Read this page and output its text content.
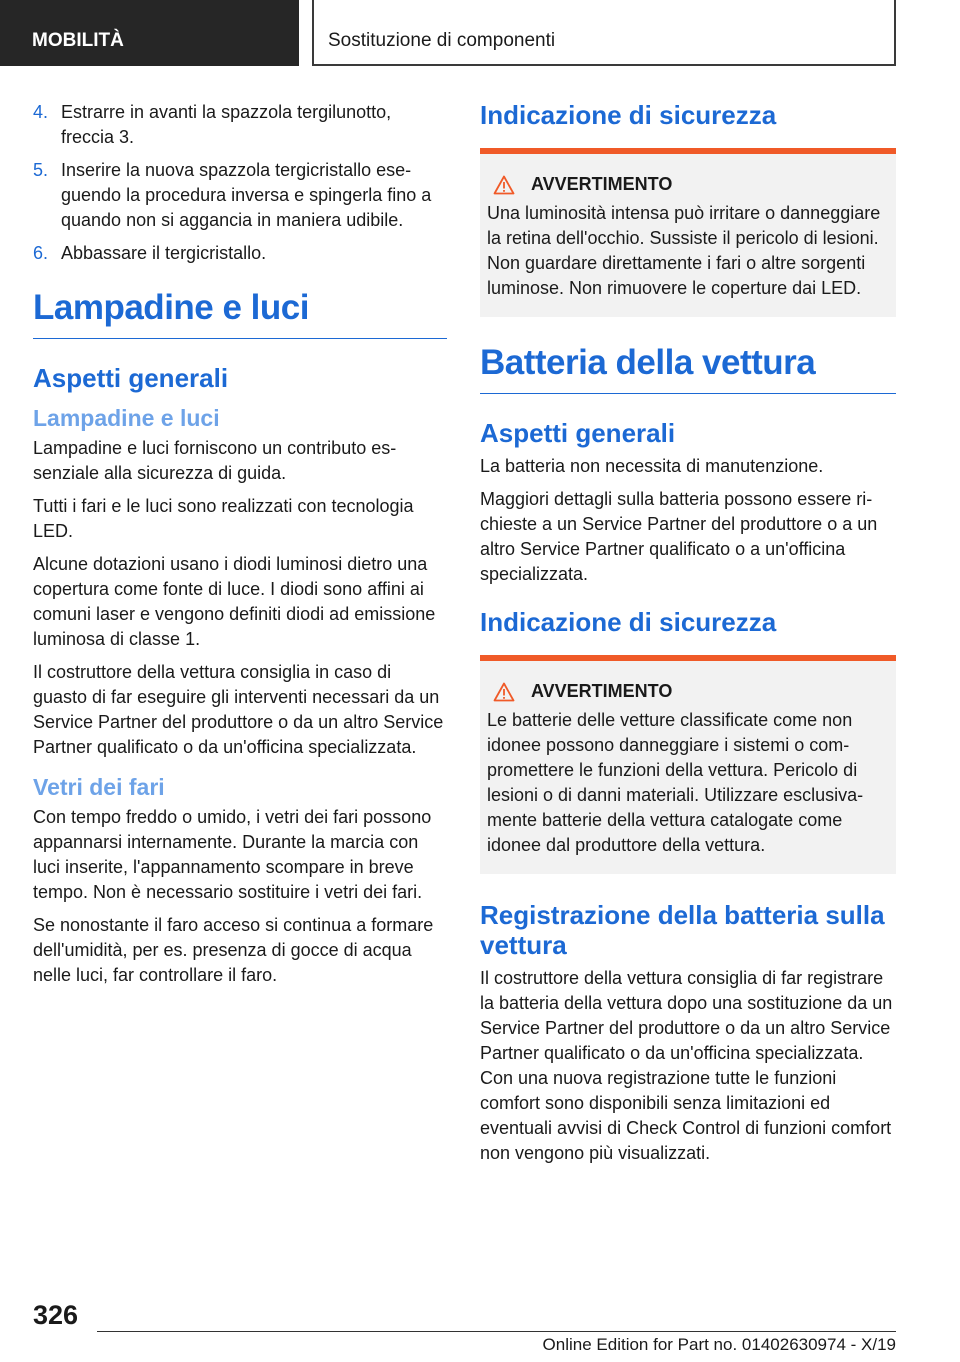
MOBILITÀ	Sostituzione di componenti
4. Estrarre in avanti la spazzola tergilunotto, freccia 3.
5. Inserire la nuova spazzola tergicristallo eseguendo la procedura inversa e spingerla fino a quando non si aggancia in maniera udibile.
6. Abbassare il tergicristallo.
Lampadine e luci
Aspetti generali
Lampadine e luci

Lampadine e luci forniscono un contributo essenziale alla sicurezza di guida.

Tutti i fari e le luci sono realizzati con tecnologia LED.

Alcune dotazioni usano i diodi luminosi dietro una copertura come fonte di luce. I diodi sono affini ai comuni laser e vengono definiti diodi ad emissione luminosa di classe 1.

Il costruttore della vettura consiglia in caso di guasto di far eseguire gli interventi necessari da un Service Partner del produttore o da un altro Service Partner qualificato o da un'officina specializzata.

Vetri dei fari

Con tempo freddo o umido, i vetri dei fari possono appannarsi internamente. Durante la marcia con luci inserite, l'appannamento scompare in breve tempo. Non è necessario sostituire i vetri dei fari.

Se nonostante il faro acceso si continua a formare dell'umidità, per es. presenza di gocce di acqua nelle luci, far controllare il faro.

Indicazione di sicurezza
AVVERTIMENTO

Una luminosità intensa può irritare o danneggiare la retina dell'occhio. Sussiste il pericolo di lesioni. Non guardare direttamente i fari o altre sorgenti luminose. Non rimuovere le coperture dai LED.

Batteria della vettura
Aspetti generali

La batteria non necessita di manutenzione.

Maggiori dettagli sulla batteria possono essere richieste a un Service Partner del produttore o a un altro Service Partner qualificato o a un'officina specializzata.

Indicazione di sicurezza
AVVERTIMENTO

Le batterie delle vetture classificate come non idonee possono danneggiare i sistemi o compromettere le funzioni della vettura. Pericolo di lesioni o di danni materiali. Utilizzare esclusivamente batterie della vettura catalogate come idonee dal produttore della vettura.

Registrazione della batteria sulla vettura

Il costruttore della vettura consiglia di far registrare la batteria della vettura dopo una sostituzione da un Service Partner del produttore o da un altro Service Partner qualificato o da un'officina specializzata. Con una nuova registrazione tutte le funzioni comfort sono disponibili senza limitazioni ed eventuali avvisi di Check Control di funzioni comfort non vengono più visualizzati.

326
Online Edition for Part no. 01402630974 - X/19
